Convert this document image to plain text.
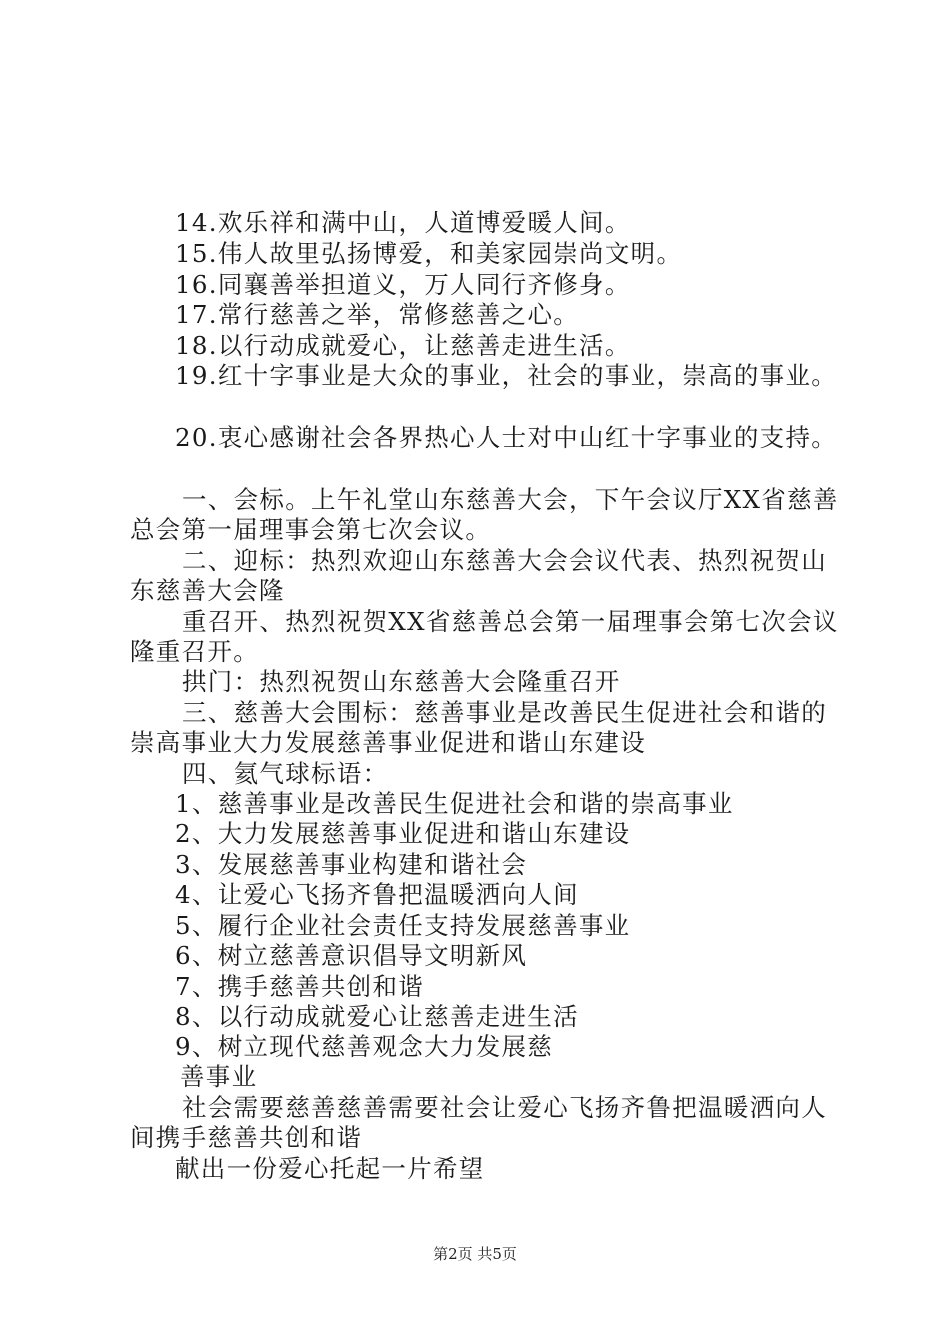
14.欢乐祥和满中山，人道博爱暖人间。
15.伟人故里弘扬博爱，和美家园崇尚文明。
16.同襄善举担道义，万人同行齐修身。
17.常行慈善之举，常修慈善之心。
18.以行动成就爱心，让慈善走进生活。
19.红十字事业是大众的事业，社会的事业，崇高的事业。
20.衷心感谢社会各界热心人士对中山红十字事业的支持。
一、会标。上午礼堂山东慈善大会，下午会议厅XX省慈善
总会第一届理事会第七次会议。
二、迎标：热烈欢迎山东慈善大会会议代表、热烈祝贺山
东慈善大会隆
重召开、热烈祝贺XX省慈善总会第一届理事会第七次会议
隆重召开。
拱门：热烈祝贺山东慈善大会隆重召开
三、慈善大会围标：慈善事业是改善民生促进社会和谐的
崇高事业大力发展慈善事业促进和谐山东建设
四、氦气球标语：
1、慈善事业是改善民生促进社会和谐的崇高事业
2、大力发展慈善事业促进和谐山东建设
3、发展慈善事业构建和谐社会
4、让爱心飞扬齐鲁把温暖洒向人间
5、履行企业社会责任支持发展慈善事业
6、树立慈善意识倡导文明新风
7、携手慈善共创和谐
8、以行动成就爱心让慈善走进生活
9、树立现代慈善观念大力发展慈
善事业
社会需要慈善慈善需要社会让爱心飞扬齐鲁把温暖洒向人
间携手慈善共创和谐
献出一份爱心托起一片希望
第2页 共5页
